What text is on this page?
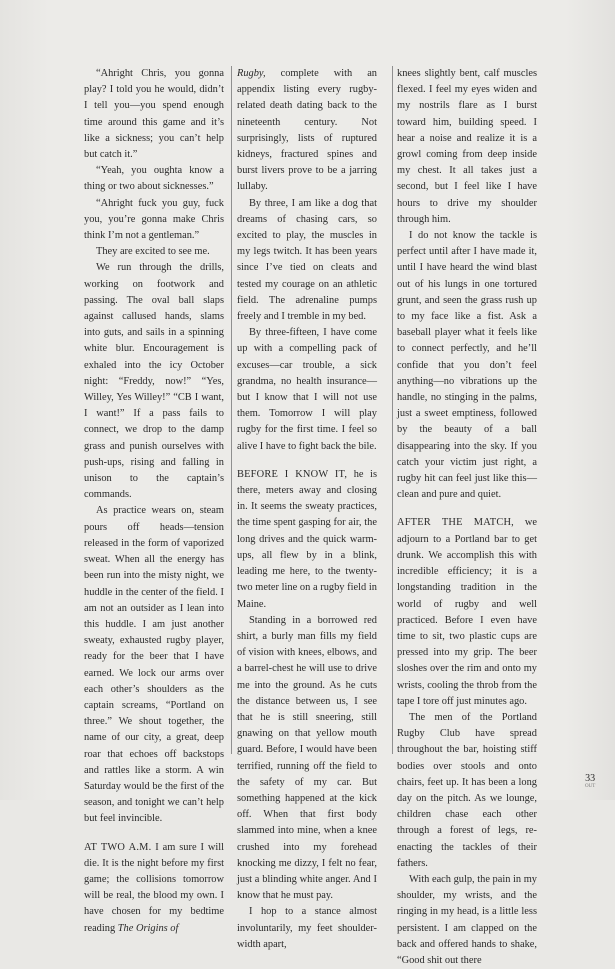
“Ahright Chris, you gonna play? I told you he would, didn’t I tell you—you spend enough time around this game and it’s like a sickness; you can’t help but catch it.”

“Yeah, you oughta know a thing or two about sicknesses.”

“Ahright fuck you guy, fuck you, you’re gonna make Chris think I’m not a gentleman.”

They are excited to see me.

We run through the drills, working on footwork and passing. The oval ball slaps against callused hands, slams into guts, and sails in a spinning white blur. Encouragement is exhaled into the icy October night: “Freddy, now!” “Yes, Willey, Yes Willey!” “CB I want, I want!” If a pass fails to connect, we drop to the damp grass and punish ourselves with push-ups, rising and falling in unison to the captain’s commands.

As practice wears on, steam pours off heads—tension released in the form of vaporized sweat. When all the energy has been run into the misty night, we huddle in the center of the field. I am not an outsider as I lean into this huddle. I am just another sweaty, exhausted rugby player, ready for the beer that I have earned. We lock our arms over each other’s shoulders as the captain screams, “Portland on three.” We shout together, the name of our city, a great, deep roar that echoes off backstops and rattles like a storm. A win Saturday would be the first of the season, and tonight we can’t help but feel invincible.

AT TWO A.M. I am sure I will die. It is the night before my first game; the collisions tomorrow will be real, the blood my own. I have chosen for my bedtime reading The Origins of

Rugby, complete with an appendix listing every rugby-related death dating back to the nineteenth century. Not surprisingly, lists of ruptured kidneys, fractured spines and burst livers prove to be a jarring lullaby.

By three, I am like a dog that dreams of chasing cars, so excited to play, the muscles in my legs twitch. It has been years since I’ve tied on cleats and tested my courage on an athletic field. The adrenaline pumps freely and I tremble in my bed.

By three-fifteen, I have come up with a compelling pack of excuses—car trouble, a sick grandma, no health insurance—but I know that I will not use them. Tomorrow I will play rugby for the first time. I feel so alive I have to fight back the bile.

BEFORE I KNOW IT, he is there, meters away and closing in. It seems the sweaty practices, the time spent gasping for air, the long drives and the quick warm-ups, all flew by in a blink, leading me here, to the twenty-two meter line on a rugby field in Maine.

Standing in a borrowed red shirt, a burly man fills my field of vision with knees, elbows, and a barrel-chest he will use to drive me into the ground. As he cuts the distance between us, I see that he is still sneering, still gnawing on that yellow mouth guard. Before, I would have been terrified, running off the field to the safety of my car. But something happened at the kick off. When that first body slammed into mine, when a knee crushed into my forehead knocking me dizzy, I felt no fear, just a blinding white anger. And I know that he must pay.

I hop to a stance almost involuntarily, my feet shoulder-width apart,

knees slightly bent, calf muscles flexed. I feel my eyes widen and my nostrils flare as I burst toward him, building speed. I hear a noise and realize it is a growl coming from deep inside my chest. It all takes just a second, but I feel like I have hours to drive my shoulder through him.

I do not know the tackle is perfect until after I have made it, until I have heard the wind blast out of his lungs in one tortured grunt, and seen the grass rush up to my face like a fist. Ask a baseball player what it feels like to connect perfectly, and he’ll confide that you don’t feel anything—no vibrations up the handle, no stinging in the palms, just a sweet emptiness, followed by the beauty of a ball disappearing into the sky. If you catch your victim just right, a rugby hit can feel just like this—clean and pure and quiet.

AFTER THE MATCH, we adjourn to a Portland bar to get drunk. We accomplish this with incredible efficiency; it is a longstanding tradition in the world of rugby and well practiced. Before I even have time to sit, two plastic cups are pressed into my grip. The beer sloshes over the rim and onto my wrists, cooling the throb from the tape I tore off just minutes ago.

The men of the Portland Rugby Club have spread throughout the bar, hoisting stiff bodies over stools and onto chairs, feet up. It has been a long day on the pitch. As we lounge, children chase each other through a forest of legs, re-enacting the tackles of their fathers.

With each gulp, the pain in my shoulder, my wrists, and the ringing in my head, is a little less persistent. I am clapped on the back and offered hands to shake, “Good shit out there

33
OUT
